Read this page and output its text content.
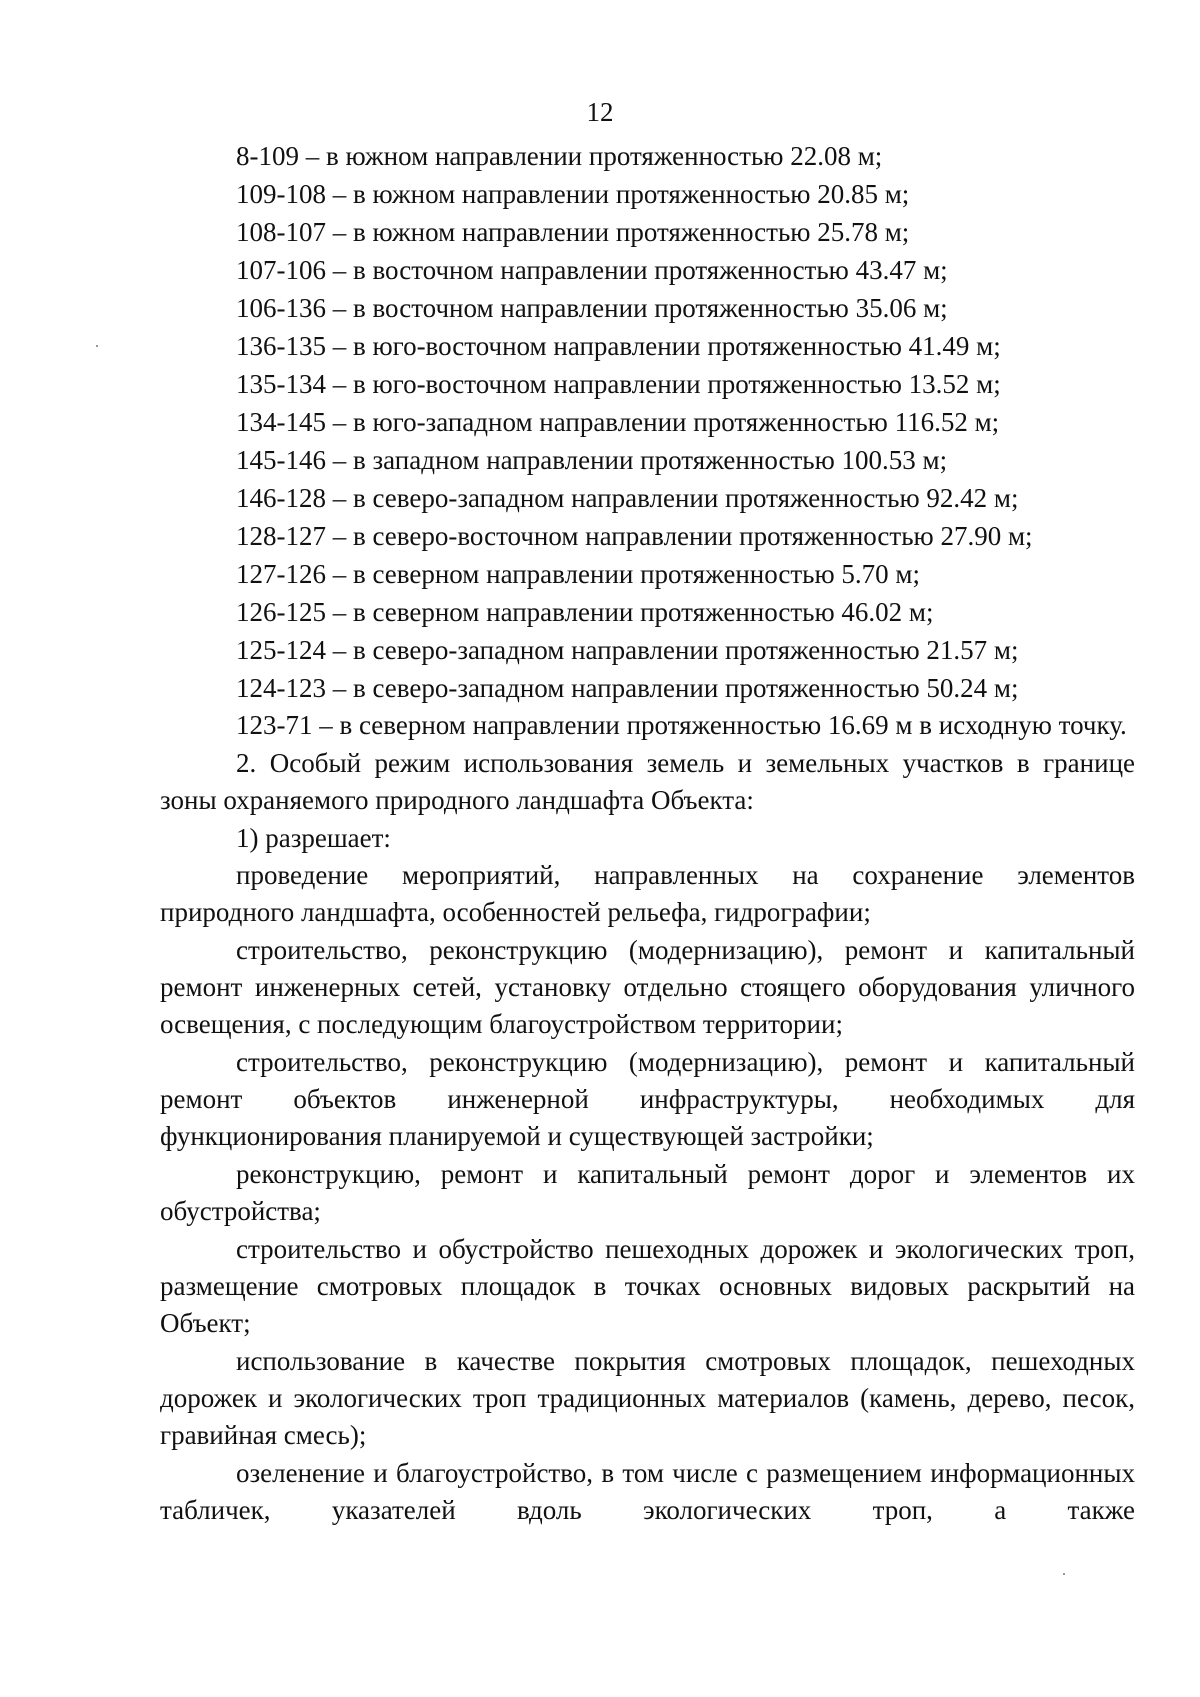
12
8-109 – в южном направлении протяженностью 22.08 м;
109-108 – в южном направлении протяженностью 20.85 м;
108-107 – в южном направлении протяженностью 25.78 м;
107-106 – в восточном направлении протяженностью 43.47 м;
106-136 – в восточном направлении протяженностью 35.06 м;
136-135 – в юго-восточном направлении протяженностью 41.49 м;
135-134 – в юго-восточном направлении протяженностью 13.52 м;
134-145 – в юго-западном направлении протяженностью 116.52 м;
145-146 – в западном направлении протяженностью 100.53 м;
146-128 – в северо-западном направлении протяженностью 92.42 м;
128-127 – в северо-восточном направлении протяженностью 27.90 м;
127-126 – в северном направлении протяженностью 5.70 м;
126-125 – в северном направлении протяженностью 46.02 м;
125-124 – в северо-западном направлении протяженностью 21.57 м;
124-123 – в северо-западном направлении протяженностью 50.24 м;

123-71 – в северном направлении протяженностью 16.69 м в исходную точку.

2. Особый режим использования земель и земельных участков в границе зоны охраняемого природного ландшафта Объекта:

1) разрешает:

проведение мероприятий, направленных на сохранение элементов природного ландшафта, особенностей рельефа, гидрографии;

строительство, реконструкцию (модернизацию), ремонт и капитальный ремонт инженерных сетей, установку отдельно стоящего оборудования уличного освещения, с последующим благоустройством территории;

строительство, реконструкцию (модернизацию), ремонт и капитальный ремонт объектов инженерной инфраструктуры, необходимых для функционирования планируемой и существующей застройки;

реконструкцию, ремонт и капитальный ремонт дорог и элементов их обустройства;

строительство и обустройство пешеходных дорожек и экологических троп, размещение смотровых площадок в точках основных видовых раскрытий на Объект;

использование в качестве покрытия смотровых площадок, пешеходных дорожек и экологических троп традиционных материалов (камень, дерево, песок, гравийная смесь);

озеленение и благоустройство, в том числе с размещением информационных табличек, указателей вдоль экологических троп, а также
